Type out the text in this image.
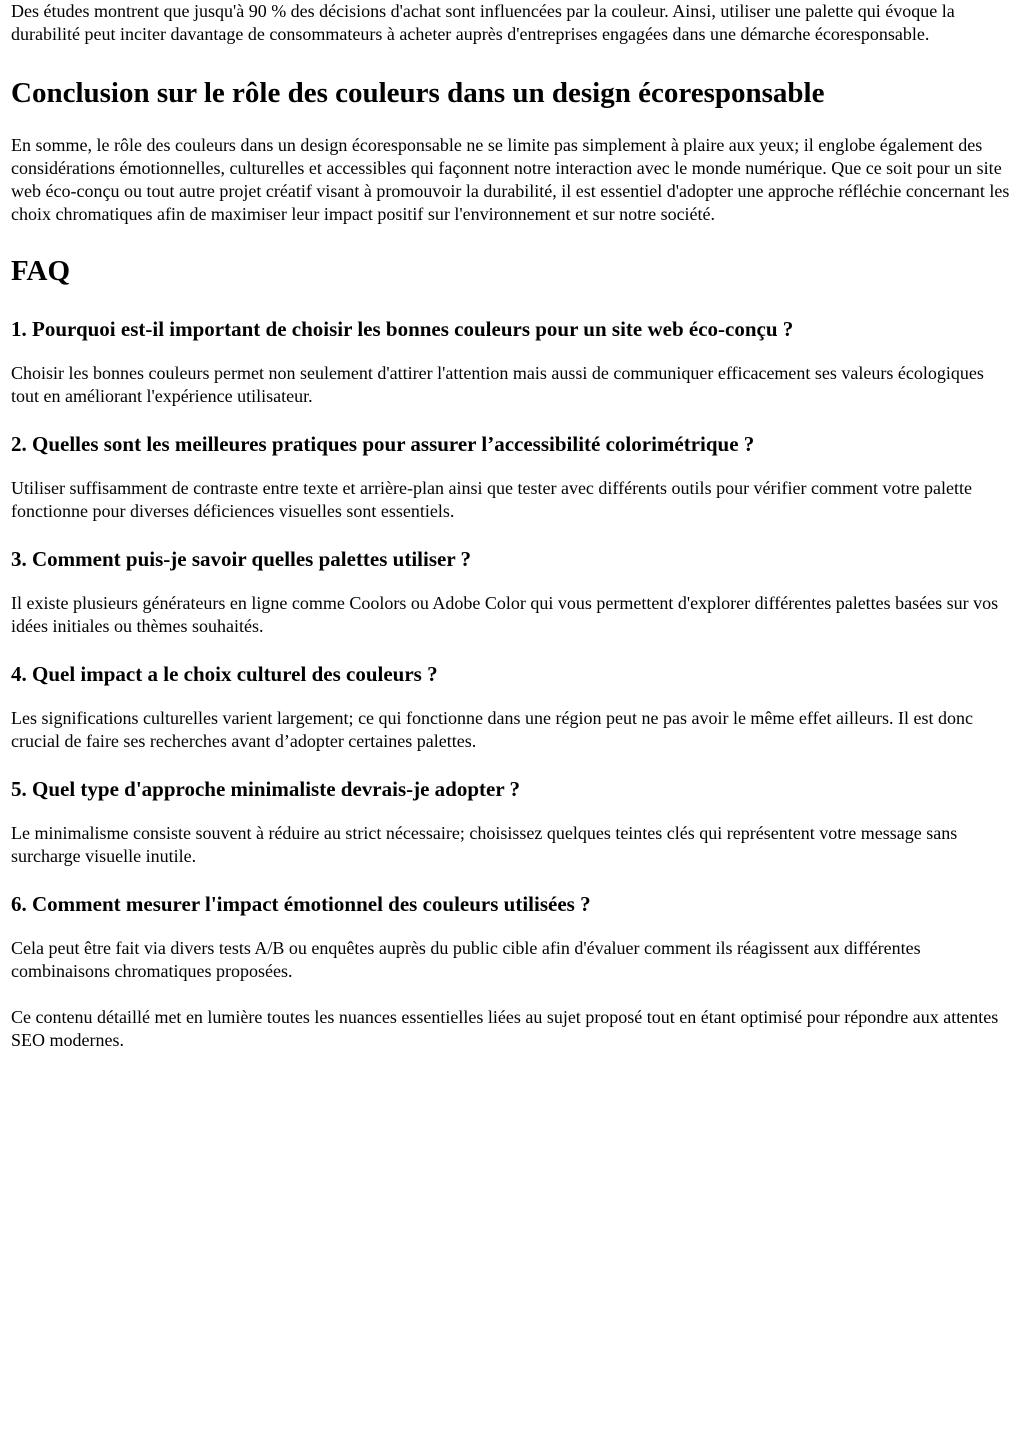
Des études montrent que jusqu'à 90 % des décisions d'achat sont influencées par la couleur. Ainsi, utiliser une palette qui évoque la durabilité peut inciter davantage de consommateurs à acheter auprès d'entreprises engagées dans une démarche écoresponsable.

Conclusion sur le rôle des couleurs dans un design écoresponsable

En somme, le rôle des couleurs dans un design écoresponsable ne se limite pas simplement à plaire aux yeux; il englobe également des considérations émotionnelles, culturelles et accessibles qui façonnent notre interaction avec le monde numérique. Que ce soit pour un site web éco-conçu ou tout autre projet créatif visant à promouvoir la durabilité, il est essentiel d'adopter une approche réfléchie concernant les choix chromatiques afin de maximiser leur impact positif sur l'environnement et sur notre société.

FAQ
1. Pourquoi est-il important de choisir les bonnes couleurs pour un site web éco-conçu ?

Choisir les bonnes couleurs permet non seulement d'attirer l'attention mais aussi de communiquer efficacement ses valeurs écologiques tout en améliorant l'expérience utilisateur.

2. Quelles sont les meilleures pratiques pour assurer l’accessibilité colorimétrique ?

Utiliser suffisamment de contraste entre texte et arrière-plan ainsi que tester avec différents outils pour vérifier comment votre palette fonctionne pour diverses déficiences visuelles sont essentiels.

3. Comment puis-je savoir quelles palettes utiliser ?

Il existe plusieurs générateurs en ligne comme Coolors ou Adobe Color qui vous permettent d'explorer différentes palettes basées sur vos idées initiales ou thèmes souhaités.

4. Quel impact a le choix culturel des couleurs ?

Les significations culturelles varient largement; ce qui fonctionne dans une région peut ne pas avoir le même effet ailleurs. Il est donc crucial de faire ses recherches avant d’adopter certaines palettes.

5. Quel type d'approche minimaliste devrais-je adopter ?

Le minimalisme consiste souvent à réduire au strict nécessaire; choisissez quelques teintes clés qui représentent votre message sans surcharge visuelle inutile.

6. Comment mesurer l'impact émotionnel des couleurs utilisées ?

Cela peut être fait via divers tests A/B ou enquêtes auprès du public cible afin d'évaluer comment ils réagissent aux différentes combinaisons chromatiques proposées.

Ce contenu détaillé met en lumière toutes les nuances essentielles liées au sujet proposé tout en étant optimisé pour répondre aux attentes SEO modernes.
